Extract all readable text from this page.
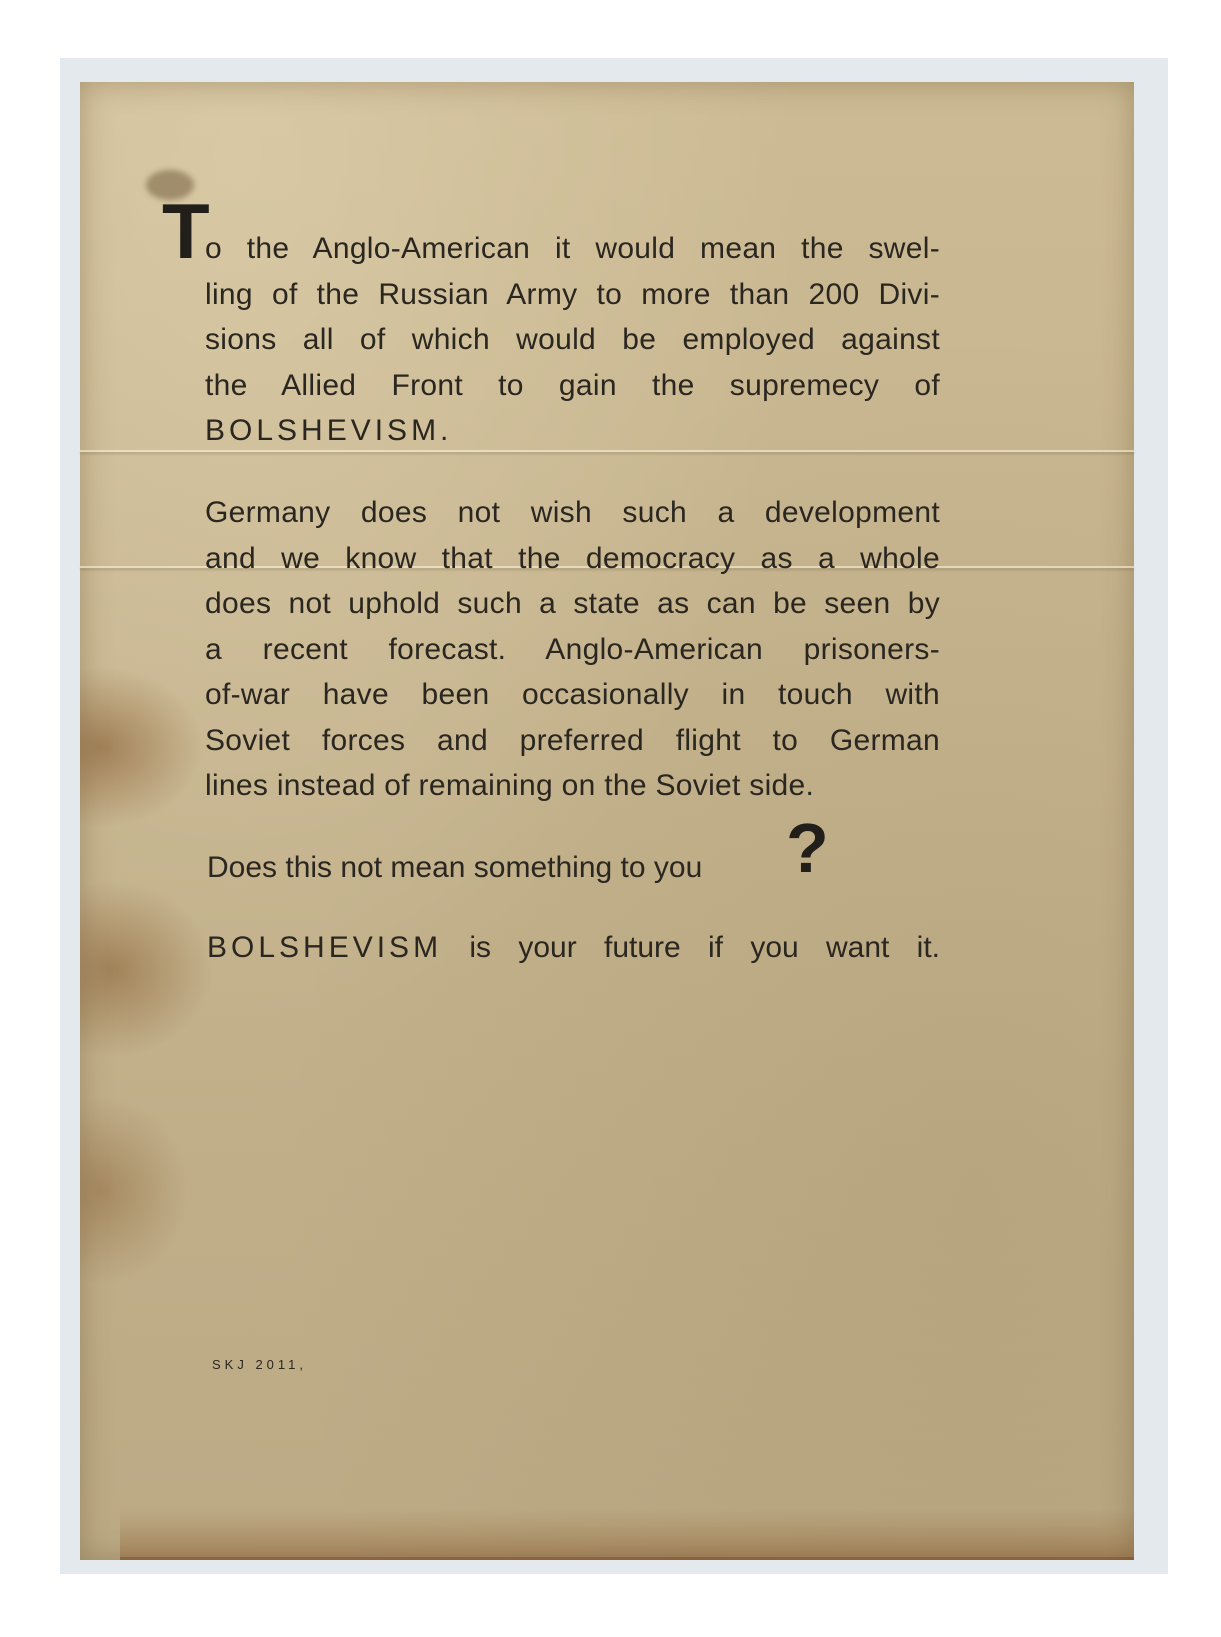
T
o the Anglo-American it would mean the swel-
ling of the Russian Army to more than 200 Divi-
sions all of which would be employed against
the Allied Front to gain the supremecy of
BOLSHEVISM.
Germany does not wish such a development
and we know that the democracy as a whole
does not uphold such a state as can be seen by
a recent forecast. Anglo-American prisoners-
of-war have been occasionally in touch with
Soviet forces and preferred flight to German
lines instead of remaining on the Soviet side.
Does this not mean something to you ?
BOLSHEVISM is your future if you want it.
SKJ 2011,
